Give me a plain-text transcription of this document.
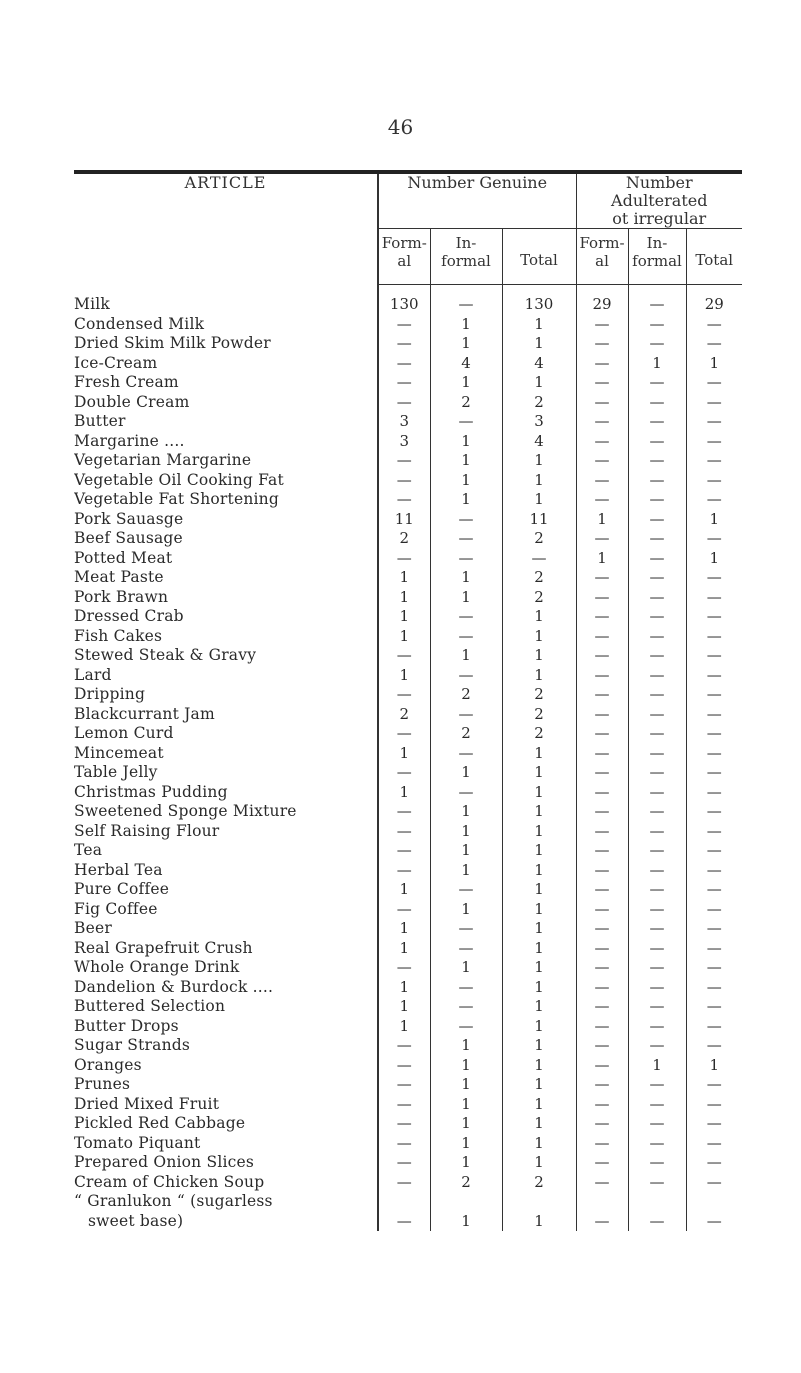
46

ARTICLE	Number Genuine			Number Adulterated
ot irregular		

	Form- al	In- formal	Total	Form- al	In- formal	Total
Milk	130	—	130	29	—	29
Condensed Milk	—	1	1	—	—	—
Dried Skim Milk Powder	—	1	1	—	—	—
Ice-Cream	—	4	4	—	1	1
Fresh Cream	—	1	1	—	—	—
Double Cream	—	2	2	—	—	—
Butter	3	—	3	—	—	—
Margarine ....	3	1	4	—	—	—
Vegetarian Margarine	—	1	1	—	—	—
Vegetable Oil Cooking Fat	—	1	1	—	—	—
Vegetable Fat Shortening	—	1	1	—	—	—
Pork Sauasge	11	—	11	1	—	1
Beef Sausage	2	—	2	—	—	—
Potted Meat	—	—	—	1	—	1
Meat Paste	1	1	2	—	—	—
Pork Brawn	1	1	2	—	—	—
Dressed Crab	1	—	1	—	—	—
Fish Cakes	1	—	1	—	—	—
Stewed Steak & Gravy	—	1	1	—	—	—
Lard	1	—	1	—	—	—
Dripping	—	2	2	—	—	—
Blackcurrant Jam	2	—	2	—	—	—
Lemon Curd	—	2	2	—	—	—
Mincemeat	1	—	1	—	—	—
Table Jelly	—	1	1	—	—	—
Christmas Pudding	1	—	1	—	—	—
Sweetened Sponge Mixture	—	1	1	—	—	—
Self Raising Flour	—	1	1	—	—	—
Tea	—	1	1	—	—	—
Herbal Tea	—	1	1	—	—	—
Pure Coffee	1	—	1	—	—	—
Fig Coffee	—	1	1	—	—	—
Beer	1	—	1	—	—	—
Real Grapefruit Crush	1	—	1	—	—	—
Whole Orange Drink	—	1	1	—	—	—
Dandelion & Burdock ....	1	—	1	—	—	—
Buttered Selection	1	—	1	—	—	—
Butter Drops	1	—	1	—	—	—
Sugar Strands	—	1	1	—	—	—
Oranges	—	1	1	—	1	1
Prunes	—	1	1	—	—	—
Dried Mixed Fruit	—	1	1	—	—	—
Pickled Red Cabbage	—	1	1	—	—	—
Tomato Piquant	—	1	1	—	—	—
Prepared Onion Slices	—	1	1	—	—	—
Cream of Chicken Soup	—	2	2	—	—	—
“ Granlukon “ (sugarless
sweet base)	—	1	1	—	—	—
